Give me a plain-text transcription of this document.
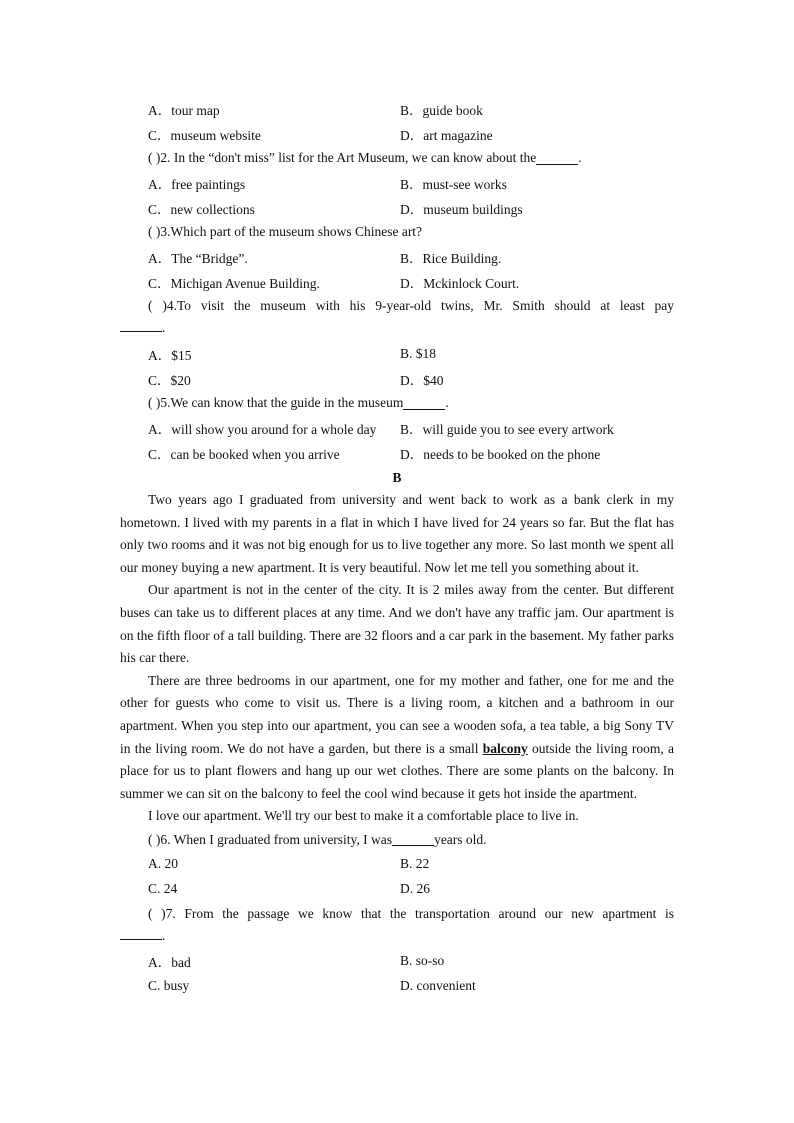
A．tour map	B．guide book
C．museum website	D．art magazine
( )2. In the “don't miss” list for the Art Museum, we can know about the	.
A．free paintings	B．must-see works
C．new collections	D．museum buildings
( )3.Which part of the museum shows Chinese art?
A．The “Bridge”.	B．Rice Building.
C．Michigan Avenue Building.	D．Mckinlock Court.
( )4.To visit the museum with his 9-year-old twins, Mr. Smith should at least pay
.
A．$15	B. $18
C．$20	D．$40
( )5.We can know that the guide in the museum	.
A．will show you around for a whole day	B．will guide you to see every artwork
C．can be booked when you arrive	D．needs to be booked on the phone
B

Two years ago I graduated from university and went back to work as a bank clerk in my hometown. I lived with my parents in a flat in which I have lived for 24 years so far. But the flat has only two rooms and it was not big enough for us to live together any more. So last month we spent all our money buying a new apartment. It is very beautiful. Now let me tell you something about it.

Our apartment is not in the center of the city. It is 2 miles away from the center. But different buses can take us to different places at any time. And we don't have any traffic jam. Our apartment is on the fifth floor of a tall building. There are 32 floors and a car park in the basement. My father parks his car there.

There are three bedrooms in our apartment, one for my mother and father, one for me and the other for guests who come to visit us. There is a living room, a kitchen and a bathroom in our apartment. When you step into our apartment, you can see a wooden sofa, a tea table, a big Sony TV in the living room. We do not have a garden, but there is a small balcony outside the living room, a place for us to plant flowers and hang up our wet clothes. There are some plants on the balcony. In summer we can sit on the balcony to feel the cool wind because it gets hot inside the apartment.

I love our apartment. We'll try our best to make it a comfortable place to live in.

( )6. When I graduated from university, I was	years old.
A. 20	B. 22
C. 24	D. 26
( )7. From the passage we know that the transportation around our new apartment is
.
A．bad	B. so-so
C. busy	D. convenient
